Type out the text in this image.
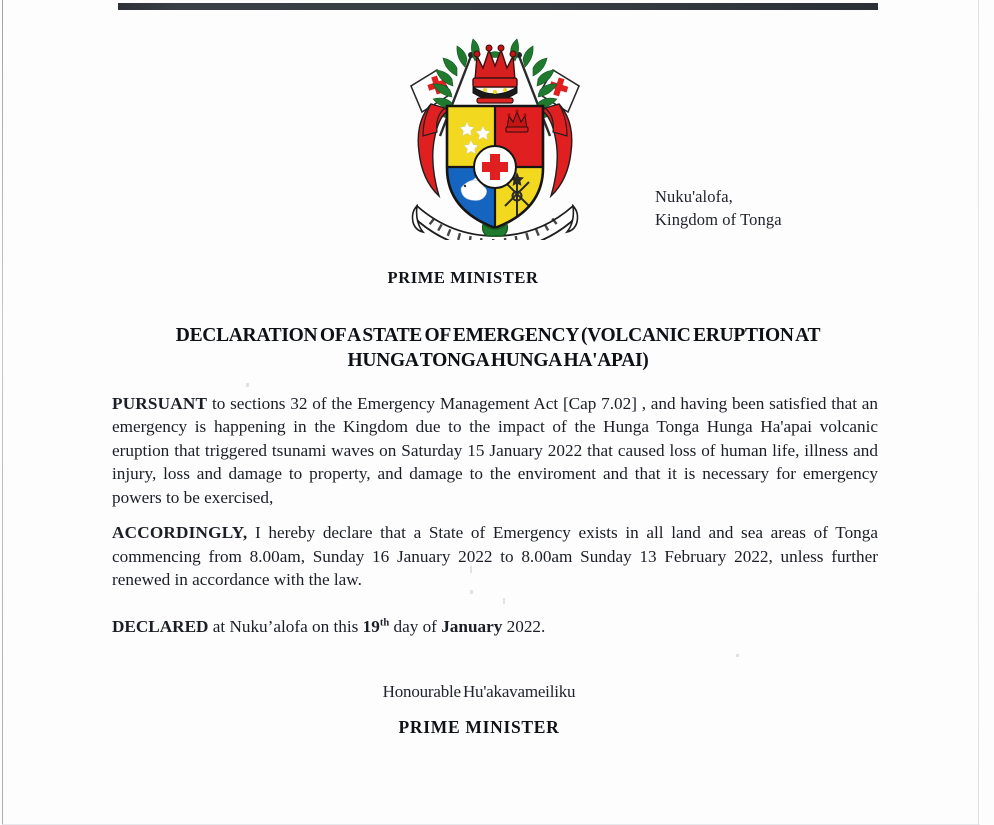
Nuku'alofa,
Kingdom of Tonga
PRIME MINISTER
DECLARATION OF A STATE OF EMERGENCY (VOLCANIC ERUPTION AT
HUNGA TONGA HUNGA HA'APAI)

PURSUANT to sections 32 of the Emergency Management Act [Cap 7.02] , and having been satisfied that an emergency is happening in the Kingdom due to the impact of the Hunga Tonga Hunga Ha'apai volcanic eruption that triggered tsunami waves on Saturday 15 January 2022 that caused loss of human life, illness and injury, loss and damage to property, and damage to the enviroment and that it is necessary for emergency powers to be exercised,

ACCORDINGLY, I hereby declare that a State of Emergency exists in all land and sea areas of Tonga commencing from 8.00am, Sunday 16 January 2022 to 8.00am Sunday 13 February 2022, unless further renewed in accordance with the law.

DECLARED at Nuku’alofa on this 19th day of January 2022.
Honourable Hu'akavameiliku
PRIME MINISTER
